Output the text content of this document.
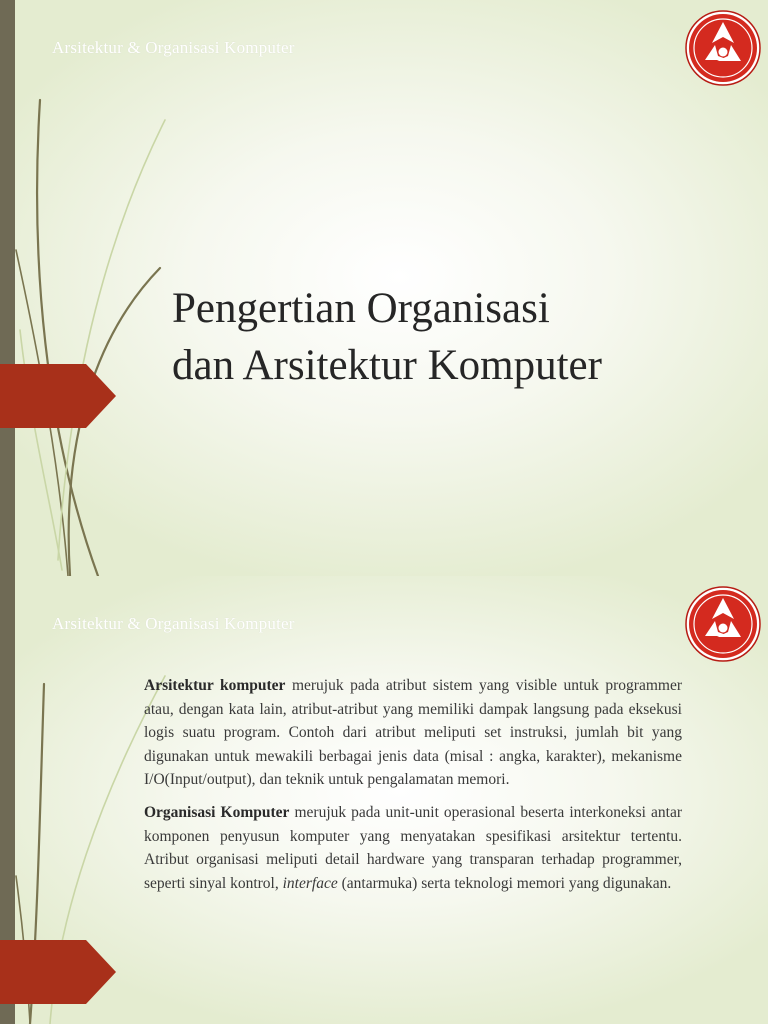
Arsitektur & Organisasi Komputer
Pengertian Organisasi
dan Arsitektur Komputer
Arsitektur & Organisasi Komputer

Arsitektur komputer merujuk pada atribut sistem yang visible untuk programmer atau, dengan kata lain, atribut-atribut yang memiliki dampak langsung pada eksekusi logis suatu program. Contoh dari atribut meliputi set instruksi, jumlah bit yang digunakan untuk mewakili berbagai jenis data (misal : angka, karakter), mekanisme I/O(Input/output), dan teknik untuk pengalamatan memori.

Organisasi Komputer merujuk pada unit-unit operasional beserta interkoneksi antar komponen penyusun komputer yang menyatakan spesifikasi arsitektur tertentu. Atribut organisasi meliputi detail hardware yang transparan terhadap programmer, seperti sinyal kontrol, interface (antarmuka) serta teknologi memori yang digunakan.
